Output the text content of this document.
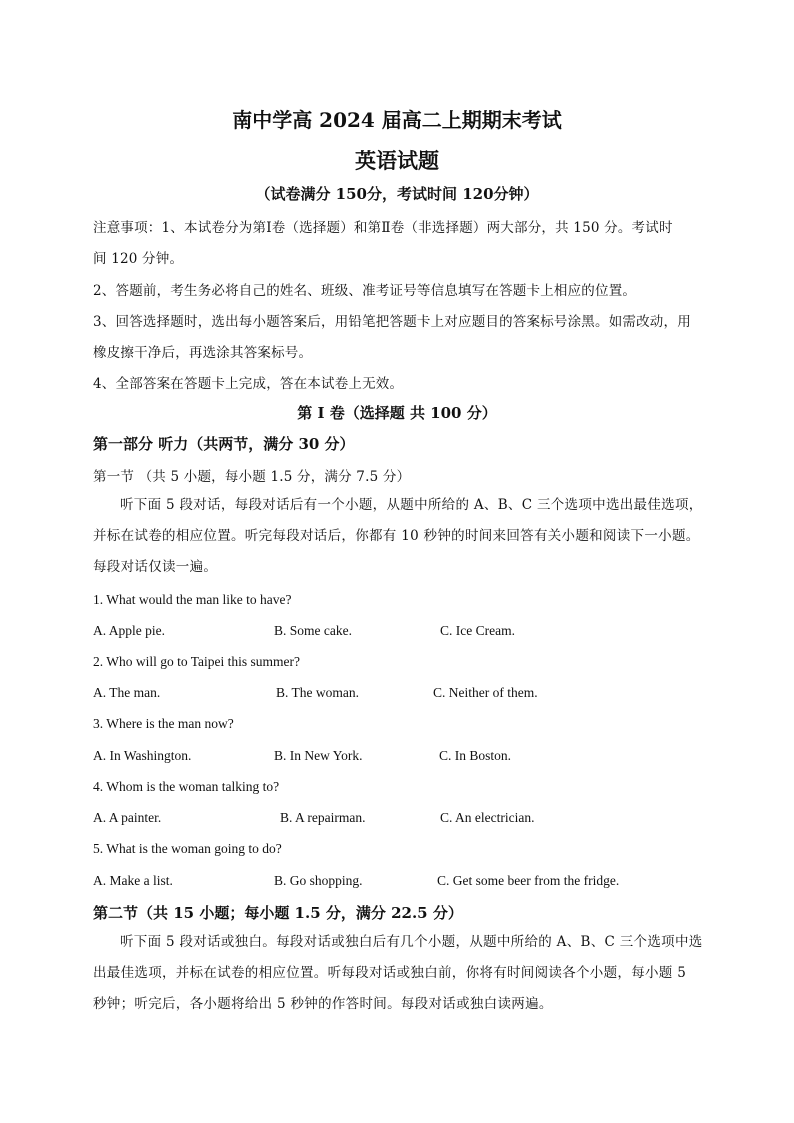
南中学高 2024 届高二上期期末考试
英语试题
（试卷满分 150分，考试时间 120分钟）
注意事项：1、本试卷分为第Ⅰ卷（选择题）和第Ⅱ卷（非选择题）两大部分，共 150 分。考试时
间 120 分钟。
2、答题前，考生务必将自己的姓名、班级、准考证号等信息填写在答题卡上相应的位置。
3、回答选择题时，选出每小题答案后，用铅笔把答题卡上对应题目的答案标号涂黑。如需改动，用
橡皮擦干净后，再选涂其答案标号。
4、全部答案在答题卡上完成，答在本试卷上无效。
第 I 卷（选择题 共 100 分）
第一部分 听力（共两节，满分 30 分）
第一节 （共 5 小题，每小题 1.5 分，满分 7.5 分）
听下面 5 段对话，每段对话后有一个小题，从题中所给的 A、B、C 三个选项中选出最佳选项，并标在试卷的相应位置。听完每段对话后，你都有 10 秒钟的时间来回答有关小题和阅读下一小题。每段对话仅读一遍。
1. What would the man like to have?
A. Apple pie.	B. Some cake.	C. Ice Cream.
2. Who will go to Taipei this summer?
A. The man.	B. The woman.	C. Neither of them.
3. Where is the man now?
A. In Washington.	B. In New York.	C. In Boston.
4. Whom is the woman talking to?
A. A painter.	B. A repairman.	C. An electrician.
5. What is the woman going to do?
A. Make a list.	B. Go shopping.	C. Get some beer from the fridge.
第二节（共 15 小题；每小题 1.5 分，满分 22.5 分）
听下面 5 段对话或独白。每段对话或独白后有几个小题，从题中所给的 A、B、C 三个选项中选出最佳选项，并标在试卷的相应位置。听每段对话或独白前，你将有时间阅读各个小题，每小题 5 秒钟；听完后，各小题将给出 5 秒钟的作答时间。每段对话或独白读两遍。
